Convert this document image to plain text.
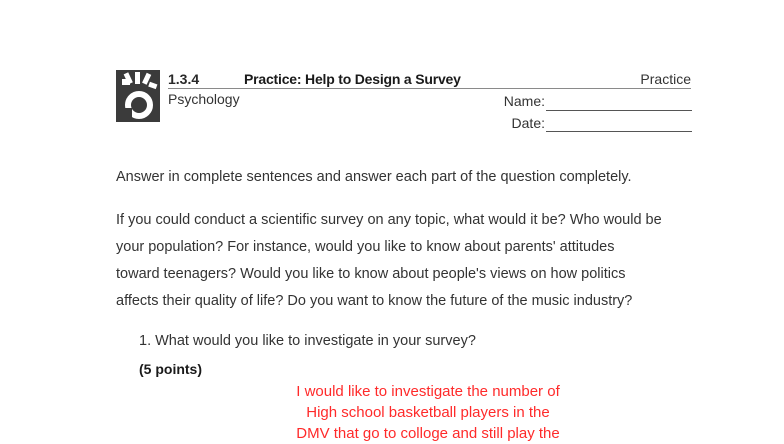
1.3.4	Practice: Help to Design a Survey	Practice
Psychology	Name:
Date:
Answer in complete sentences and answer each part of the question completely.
If you could conduct a scientific survey on any topic, what would it be? Who would be
your population? For instance, would you like to know about parents' attitudes
toward teenagers? Would you like to know about people's views on how politics
affects their quality of life? Do you want to know the future of the music industry?
1. What would you like to investigate in your survey?
(5 points)
I would like to investigate the number of
High school basketball players in the
DMV that go to colloge and still play the
